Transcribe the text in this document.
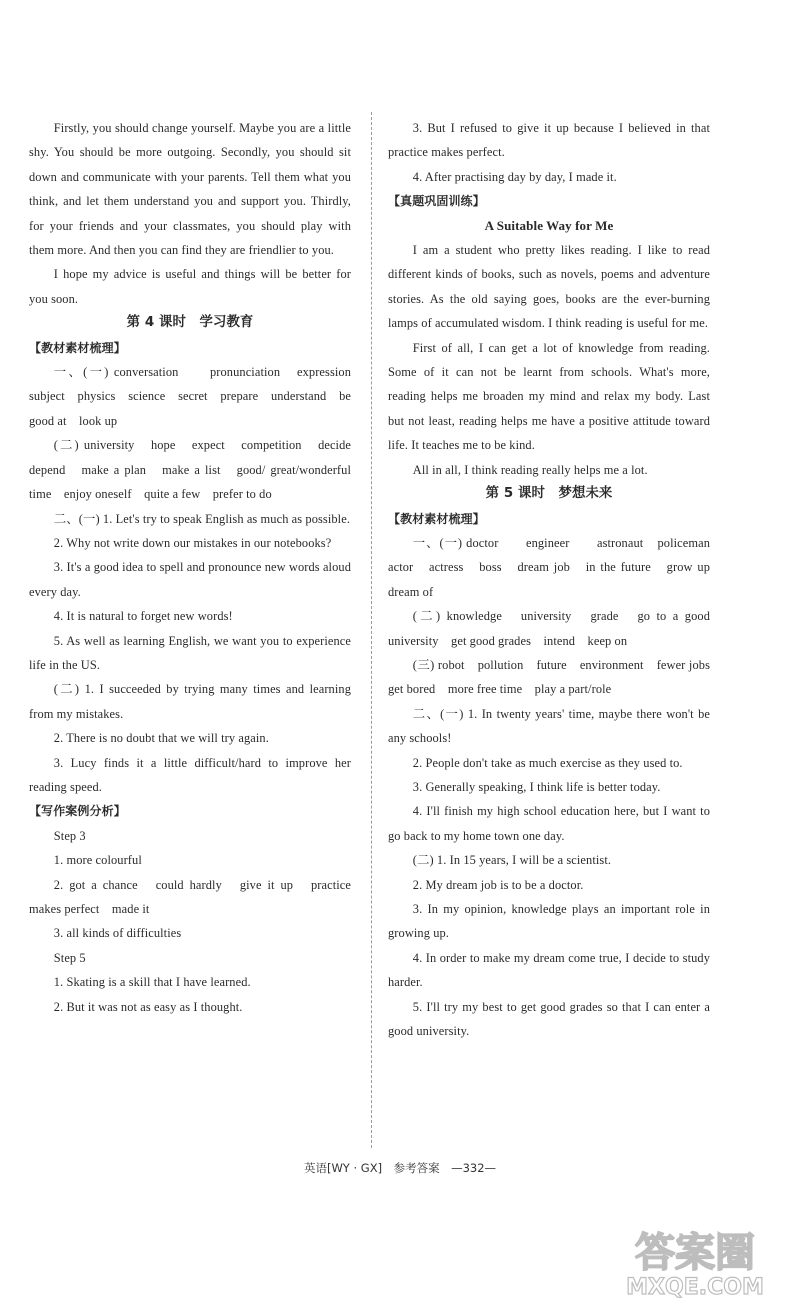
Firstly, you should change yourself. Maybe you are a little shy. You should be more outgoing. Secondly, you should sit down and communicate with your parents. Tell them what you think, and let them understand you and support you. Thirdly, for your friends and your classmates, you should play with them more. And then you can find they are friendlier to you.

I hope my advice is useful and things will be better for you soon.

第 4 课时　学习教育

【教材素材梳理】

一、(一) conversation　　pronunciation　expression　subject　physics　science　secret　prepare　understand　be good at　look up

(二) university　hope　expect　competition　decide　depend　make a plan　make a list　good/ great/wonderful time　enjoy oneself　quite a few　prefer to do

二、(一) 1. Let's try to speak English as much as possible.

2. Why not write down our mistakes in our notebooks?

3. It's a good idea to spell and pronounce new words aloud every day.

4. It is natural to forget new words!

5. As well as learning English, we want you to experience life in the US.

(二) 1. I succeeded by trying many times and learning from my mistakes.

2. There is no doubt that we will try again.

3. Lucy finds it a little difficult/hard to improve her reading speed.

【写作案例分析】

Step 3

1. more colourful

2. got a chance　could hardly　give it up　practice makes perfect　made it

3. all kinds of difficulties

Step 5

1. Skating is a skill that I have learned.

2. But it was not as easy as I thought.

3. But I refused to give it up because I believed in that practice makes perfect.

4. After practising day by day, I made it.

【真题巩固训练】

A Suitable Way for Me

I am a student who pretty likes reading. I like to read different kinds of books, such as novels, poems and adventure stories. As the old saying goes, books are the ever-burning lamps of accumulated wisdom. I think reading is useful for me.

First of all, I can get a lot of knowledge from reading. Some of it can not be learnt from schools. What's more, reading helps me broaden my mind and relax my body. Last but not least, reading helps me have a positive attitude toward life. It teaches me to be kind.

All in all, I think reading really helps me a lot.

第 5 课时　梦想未来

【教材素材梳理】

一、(一) doctor　　engineer　　astronaut　policeman　actor　actress　boss　dream job　in the future　grow up　dream of

(二) knowledge　university　grade　go to a good university　get good grades　intend　keep on

(三) robot　pollution　future　environment　fewer jobs　get bored　more free time　play a part/role

二、(一) 1. In twenty years' time, maybe there won't be any schools!

2. People don't take as much exercise as they used to.

3. Generally speaking, I think life is better today.

4. I'll finish my high school education here, but I want to go back to my home town one day.

(二) 1. In 15 years, I will be a scientist.

2. My dream job is to be a doctor.

3. In my opinion, knowledge plays an important role in growing up.

4. In order to make my dream come true, I decide to study harder.

5. I'll try my best to get good grades so that I can enter a good university.

英语[WY · GX]　参考答案　—332—
答案圈
MXQE.COM
